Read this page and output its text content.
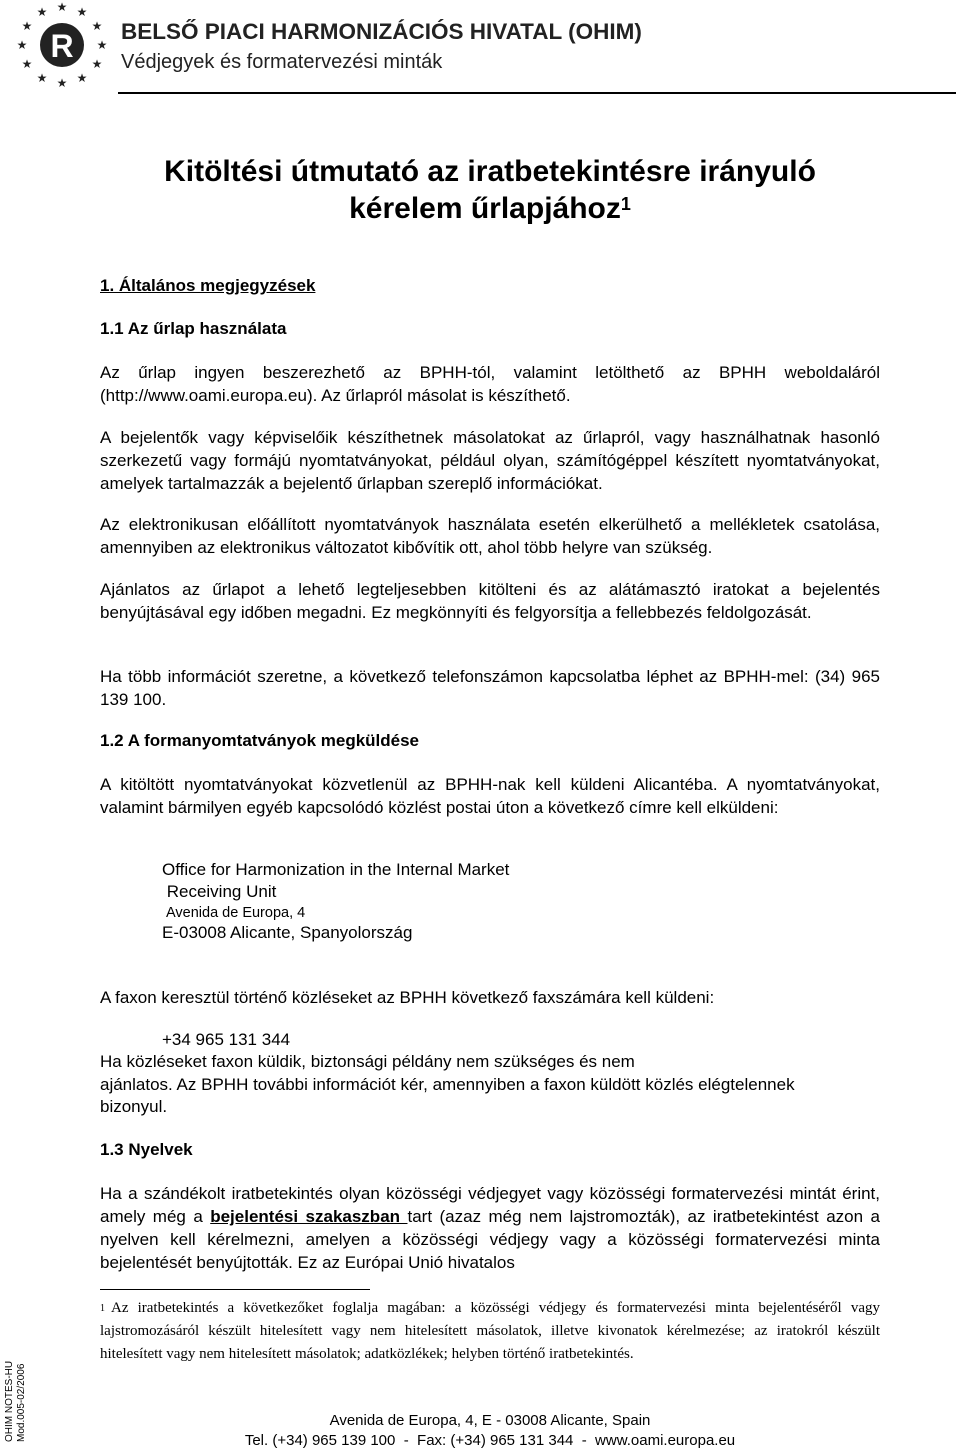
★ ★
★
★
★
★
★
★
★
★
★
★
R BELSŐ PIACI HARMONIZÁCIÓS HIVATAL (OHIM)
Védjegyek és formatervezési minták
Kitöltési útmutató az iratbetekintésre irányuló
kérelem űrlapjához$^1$
1. Általános megjegyzések
1.1 Az űrlap használata
Az űrlap ingyen beszerezhető az BPHH-tól, valamint letölthető az BPHH weboldaláról (http://www.oami.europa.eu). Az űrlapról másolat is készíthető.
A bejelentők vagy képviselőik készíthetnek másolatokat az űrlapról, vagy használhatnak hasonló szerkezetű vagy formájú nyomtatványokat, például olyan, számítógéppel készített nyomtatványokat, amelyek tartalmazzák a bejelentő űrlapban szereplő információkat.
Az elektronikusan előállított nyomtatványok használata esetén elkerülhető a mellékletek csatolása, amennyiben az elektronikus változatot kibővítik ott, ahol több helyre van szükség.
Ajánlatos az űrlapot a lehető legteljesebben kitölteni és az alátámasztó iratokat a bejelentés benyújtásával egy időben megadni. Ez megkönnyíti és felgyorsítja a fellebbezés feldolgozását.
Ha több információt szeretne, a következő telefonszámon kapcsolatba léphet az BPHH-mel: (34) 965 139 100.
1.2 A formanyomtatványok megküldése
A kitöltött nyomtatványokat közvetlenül az BPHH-nak kell küldeni Alicantéba. A nyomtatványokat, valamint bármilyen egyéb kapcsolódó közlést postai úton a következő címre kell elküldeni:
Office for Harmonization in the Internal Market
Receiving Unit
Avenida de Europa, 4
E-03008 Alicante, Spanyolország
A faxon keresztül történő közléseket az BPHH következő faxszámára kell küldeni:
+34 965 131 344
Ha közléseket faxon küldik, biztonsági példány nem szükséges és nem
ajánlatos. Az BPHH további információt kér, amennyiben a faxon küldött közlés elégtelennek
bizonyul.
1.3 Nyelvek
Ha a szándékolt iratbetekintés olyan közösségi védjegyet vagy közösségi formatervezési mintát érint, amely még a bejelentési szakaszban tart (azaz még nem lajstromozták), az iratbetekintést azon a nyelven kell kérelmezni, amelyen a közösségi védjegy vagy a közösségi formatervezési minta bejelentését benyújtották. Ez az Európai Unió hivatalos
$^1$ Az iratbetekintés a következőket foglalja magában: a közösségi védjegy és formatervezési minta bejelentéséről vagy lajstromozásáról készült hitelesített vagy nem hitelesített másolatok, illetve kivonatok kérelmezése; az iratokról készült hitelesített vagy nem hitelesített másolatok; adatközlékek; helyben történő iratbetekintés.
OHIM NOTES-HU Mod.005-02/2006	Avenida de Europa, 4, E - 03008 Alicante, Spain
Tel. (+34) 965 139 100  -  Fax: (+34) 965 131 344  -  www.oami.europa.eu
